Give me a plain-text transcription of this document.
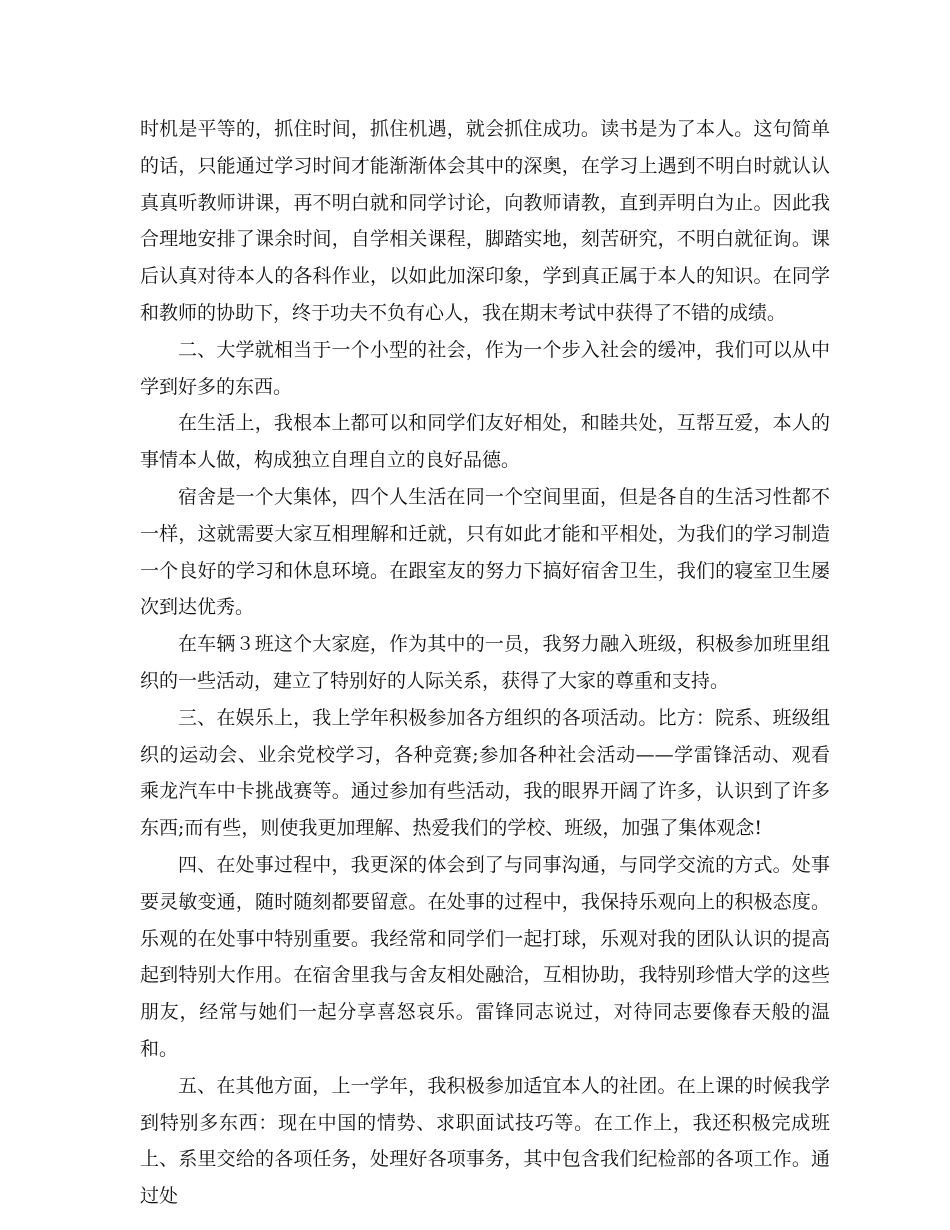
时机是平等的，抓住时间，抓住机遇，就会抓住成功。读书是为了本人。这句简单的话，只能通过学习时间才能渐渐体会其中的深奥，在学习上遇到不明白时就认认真真听教师讲课，再不明白就和同学讨论，向教师请教，直到弄明白为止。因此我合理地安排了课余时间，自学相关课程，脚踏实地，刻苦研究，不明白就征询。课后认真对待本人的各科作业，以如此加深印象，学到真正属于本人的知识。在同学和教师的协助下，终于功夫不负有心人，我在期末考试中获得了不错的成绩。

二、大学就相当于一个小型的社会，作为一个步入社会的缓冲，我们可以从中学到好多的东西。

在生活上，我根本上都可以和同学们友好相处，和睦共处，互帮互爱，本人的事情本人做，构成独立自理自立的良好品德。

宿舍是一个大集体，四个人生活在同一个空间里面，但是各自的生活习性都不一样，这就需要大家互相理解和迁就，只有如此才能和平相处，为我们的学习制造一个良好的学习和休息环境。在跟室友的努力下搞好宿舍卫生，我们的寝室卫生屡次到达优秀。

在车辆３班这个大家庭，作为其中的一员，我努力融入班级，积极参加班里组织的一些活动，建立了特别好的人际关系，获得了大家的尊重和支持。

三、在娱乐上，我上学年积极参加各方组织的各项活动。比方：院系、班级组织的运动会、业余党校学习，各种竞赛;参加各种社会活动——学雷锋活动、观看乘龙汽车中卡挑战赛等。通过参加有些活动，我的眼界开阔了许多，认识到了许多东西;而有些，则使我更加理解、热爱我们的学校、班级，加强了集体观念!

四、在处事过程中，我更深的体会到了与同事沟通，与同学交流的方式。处事要灵敏变通，随时随刻都要留意。在处事的过程中，我保持乐观向上的积极态度。乐观的在处事中特别重要。我经常和同学们一起打球，乐观对我的团队认识的提高起到特别大作用。在宿舍里我与舍友相处融洽，互相协助，我特别珍惜大学的这些朋友，经常与她们一起分享喜怒哀乐。雷锋同志说过，对待同志要像春天般的温和。

五、在其他方面，上一学年，我积极参加适宜本人的社团。在上课的时候我学到特别多东西：现在中国的情势、求职面试技巧等。在工作上，我还积极完成班上、系里交给的各项任务，处理好各项事务，其中包含我们纪检部的各项工作。通过处
